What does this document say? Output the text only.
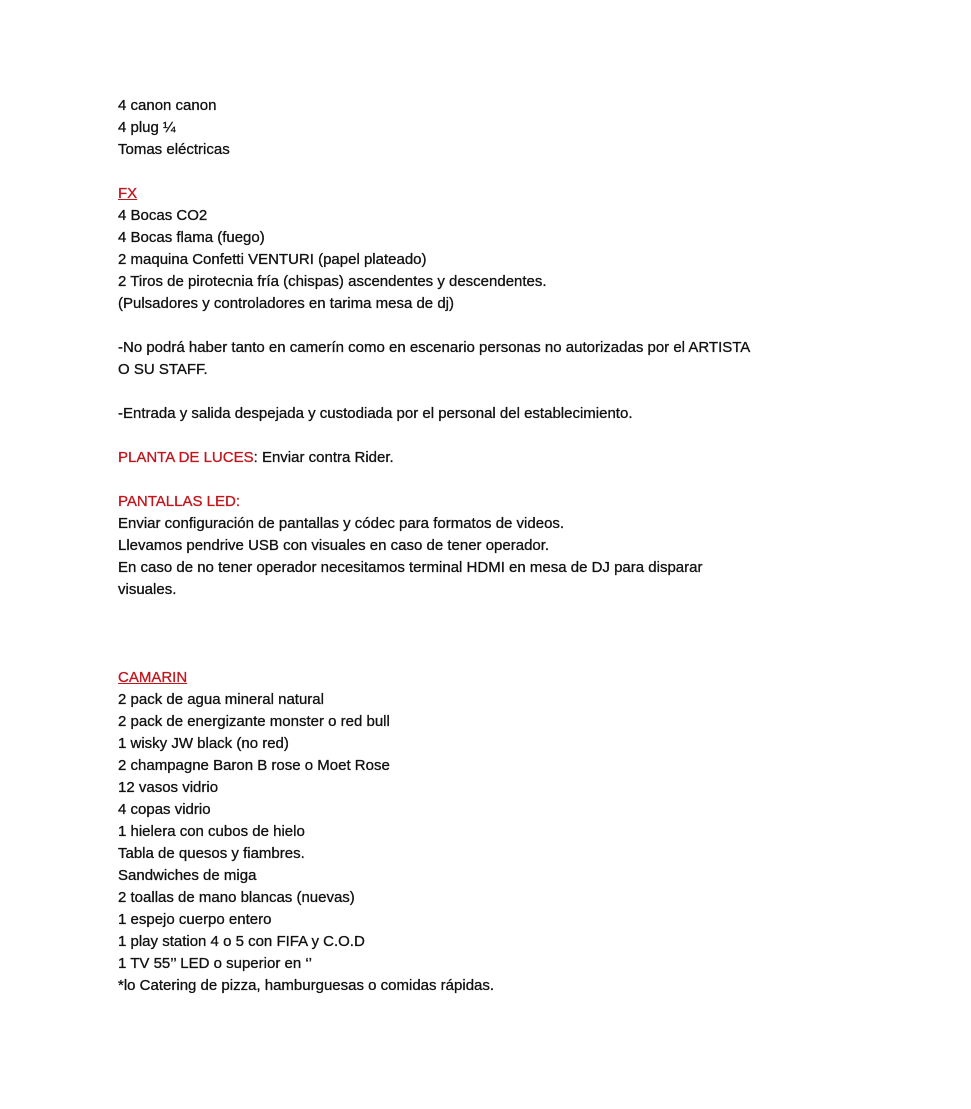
4 canon canon
4 plug ¼
Tomas eléctricas
FX
4 Bocas CO2
4 Bocas flama (fuego)
2 maquina Confetti VENTURI (papel plateado)
2 Tiros de pirotecnia fría (chispas) ascendentes y descendentes.
(Pulsadores y controladores en tarima mesa de dj)
-No podrá haber tanto en camerín como en escenario personas no autorizadas por el ARTISTA
O SU STAFF.
-Entrada y salida despejada y custodiada por el personal del establecimiento.
PLANTA DE LUCES: Enviar contra Rider.
PANTALLAS LED:
Enviar configuración de pantallas y códec para formatos de videos.
Llevamos pendrive USB con visuales en caso de tener operador.
En caso de no tener operador necesitamos terminal HDMI en mesa de DJ para disparar
visuales.
CAMARIN
2 pack de agua mineral natural
2 pack de energizante monster o red bull
1 wisky JW black (no red)
2 champagne Baron B rose o Moet Rose
12 vasos vidrio
4 copas vidrio
1 hielera con cubos de hielo
Tabla de quesos y fiambres.
Sandwiches de miga
2 toallas de mano blancas (nuevas)
1 espejo cuerpo entero
1 play station 4 o 5 con FIFA y C.O.D
1 TV 55’’ LED o superior en ‘’
*lo Catering de pizza, hamburguesas o comidas rápidas.
